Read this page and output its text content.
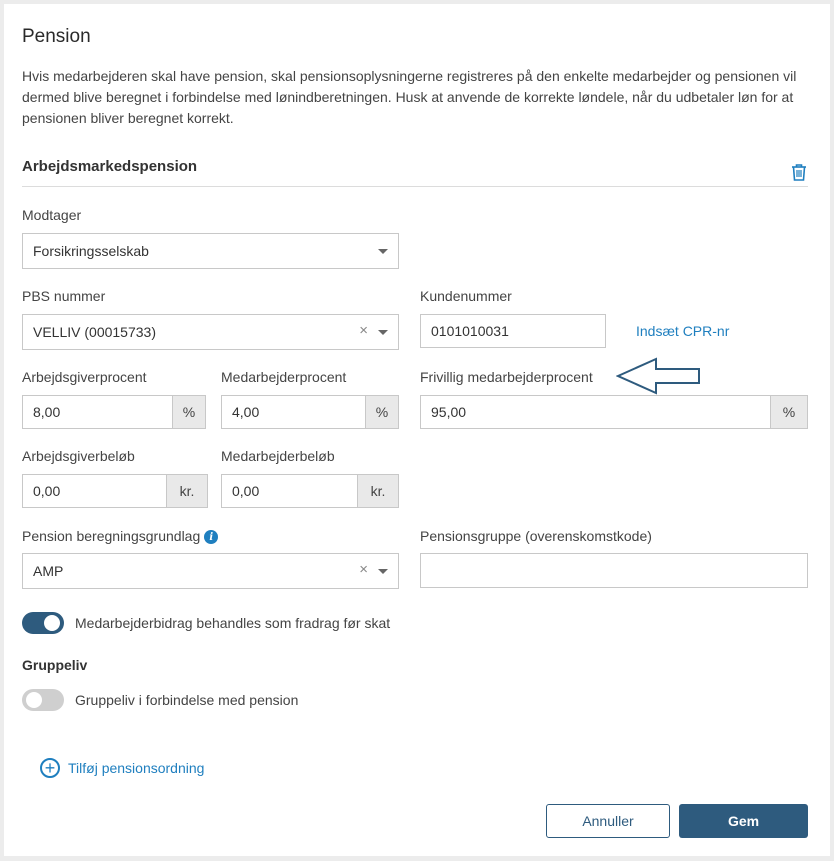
Pension
Hvis medarbejderen skal have pension, skal pensionsoplysningerne registreres på den enkelte medarbejder og pensionen vil dermed blive beregnet i forbindelse med lønindberetningen. Husk at anvende de korrekte løndele, når du udbetaler løn for at pensionen bliver beregnet korrekt.
Arbejdsmarkedspension
Modtager
Forsikringsselskab
PBS nummer
VELLIV (00015733)	×
Kundenummer
0101010031	Indsæt CPR-nr
Arbejdsgiverprocent
8,00	%
Medarbejderprocent
4,00	%
Frivillig medarbejderprocent
95,00	%
Arbejdsgiverbeløb
0,00	kr.
Medarbejderbeløb
0,00	kr.
Pension beregningsgrundlag i
AMP	×
Pensionsgruppe (overenskomstkode)
Medarbejderbidrag behandles som fradrag før skat
Gruppeliv
Gruppeliv i forbindelse med pension
+ Tilføj pensionsordning
Annuller	Gem
